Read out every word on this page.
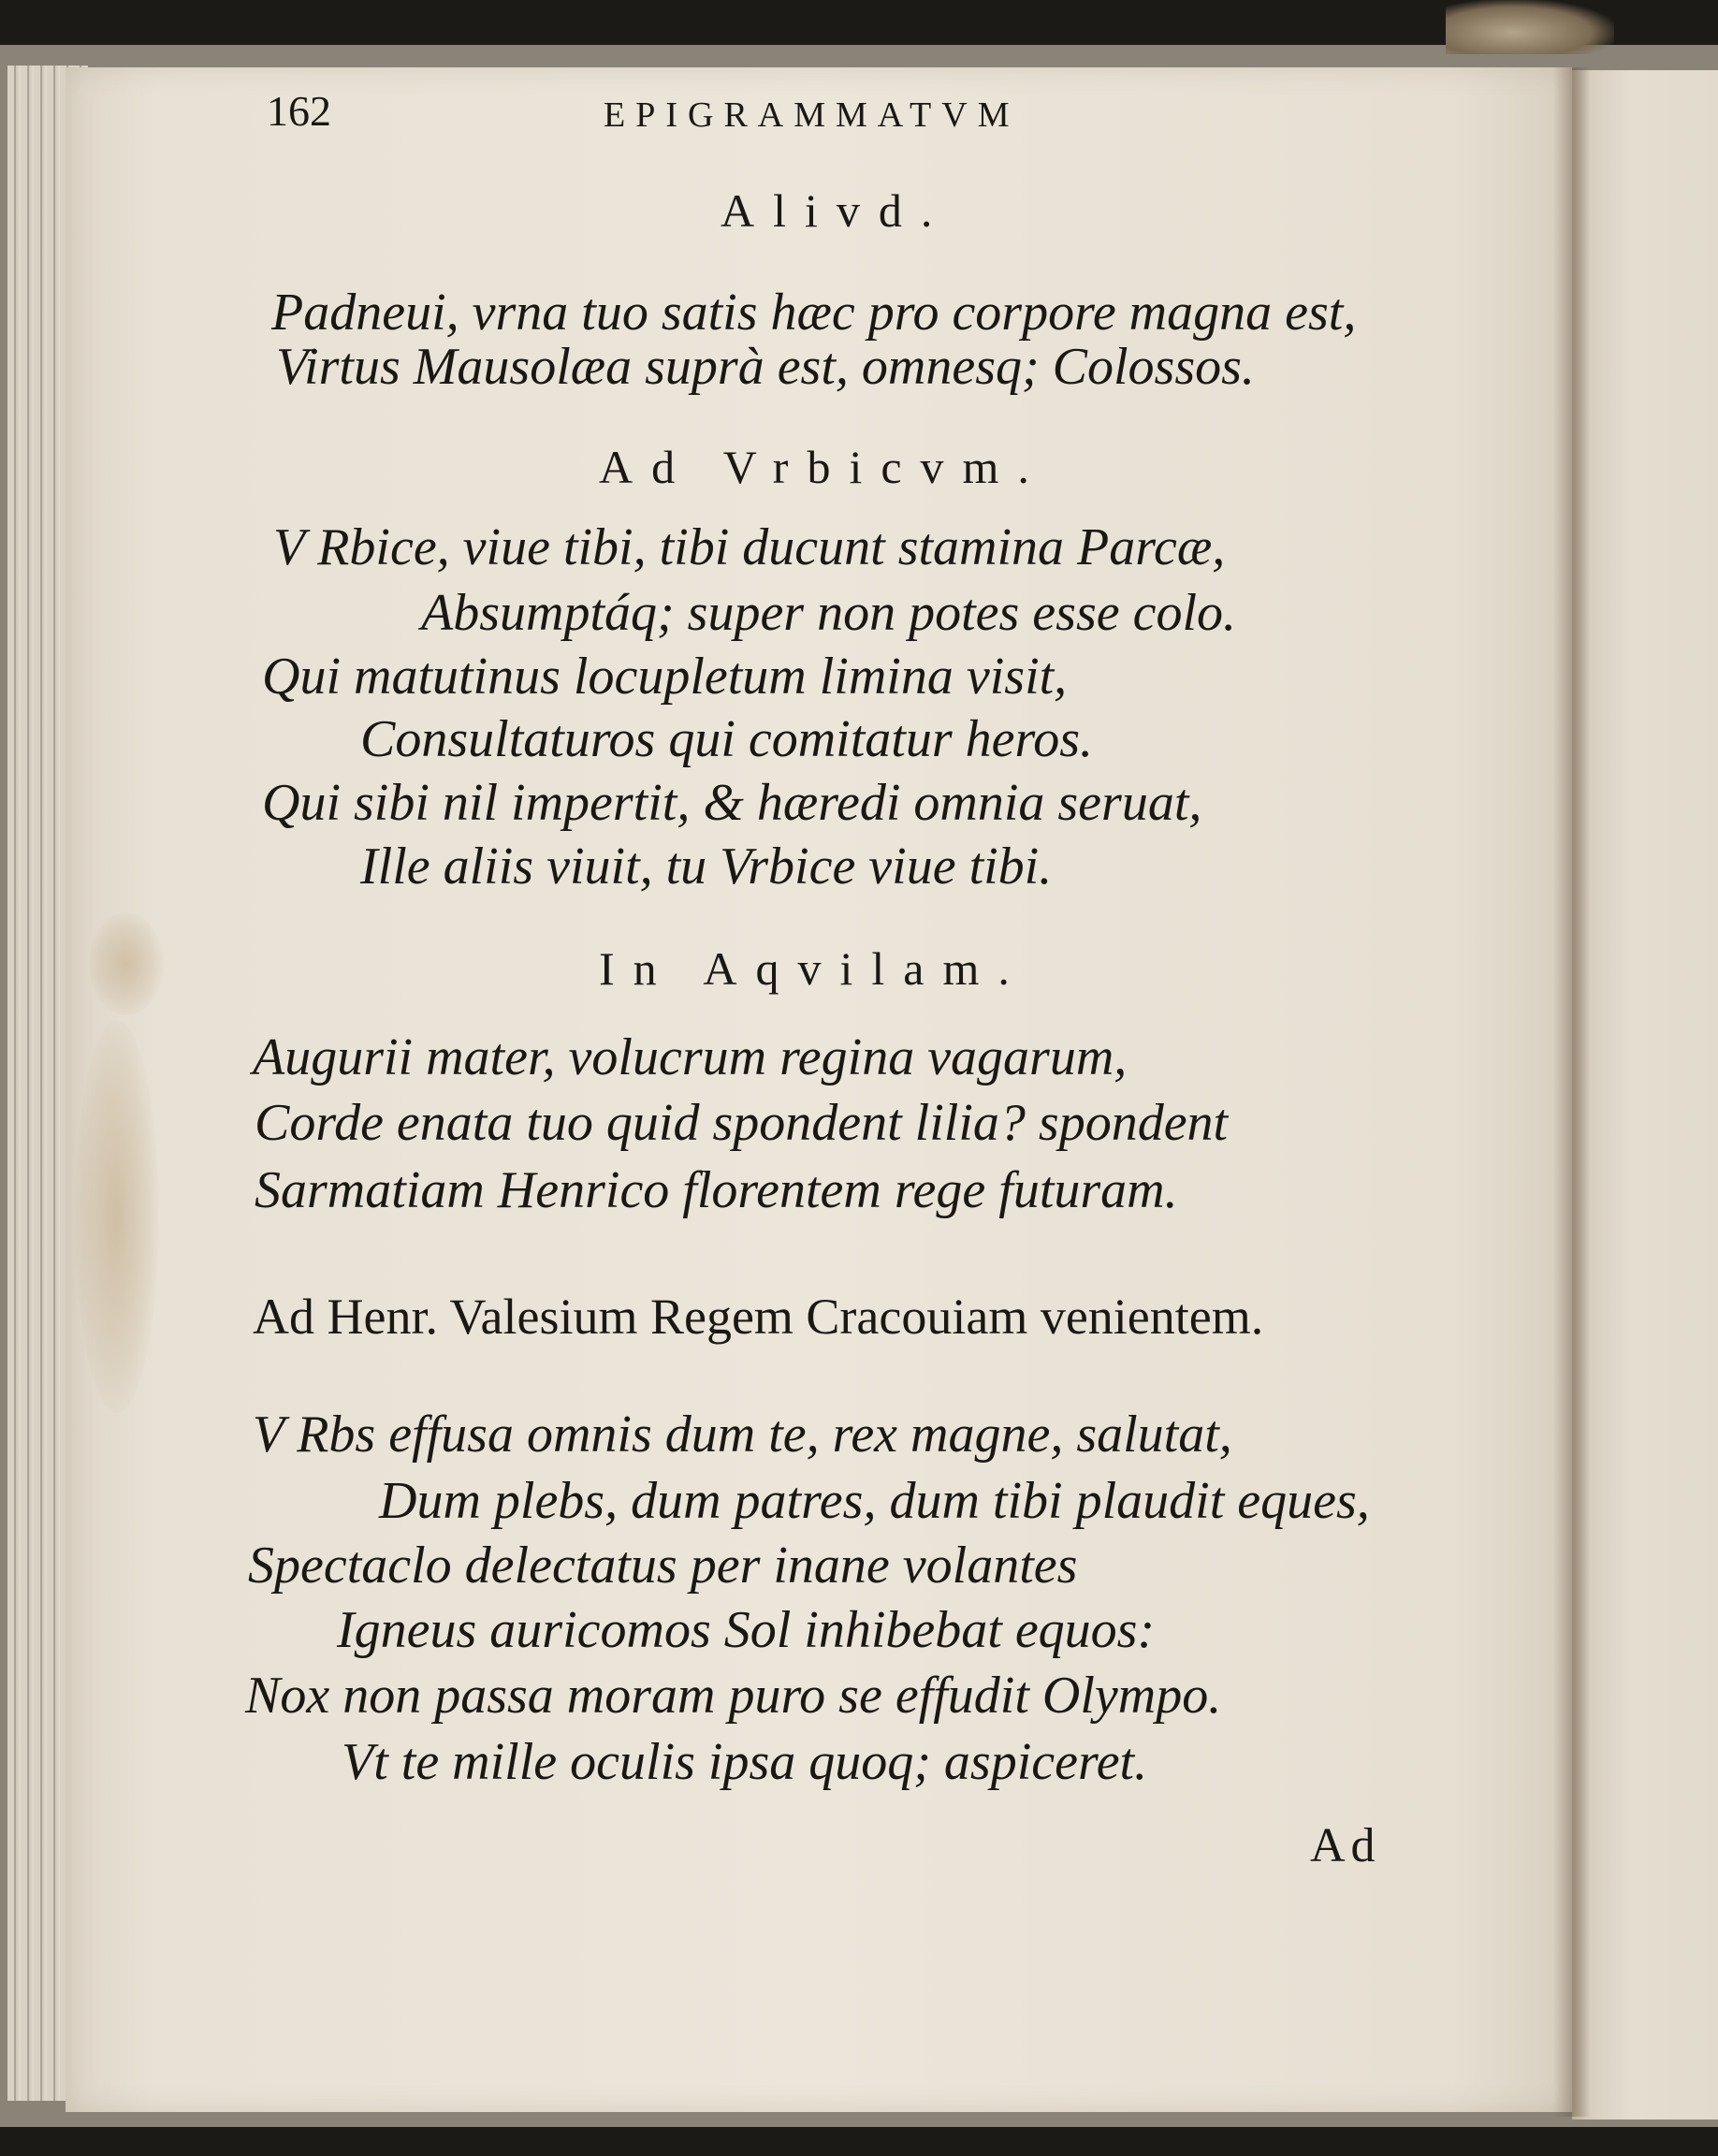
162	EPIGRAMMATVM
Alivd.
Padneui, vrna tuo satis hæc pro corpore magna est,
Virtus Mausolæa suprà est, omnesq; Colossos.
Ad Vrbicvm.
V Rbice, viue tibi, tibi ducunt stamina Parcæ,
Absumptáq; super non potes esse colo.
Qui matutinus locupletum limina visit,
Consultaturos qui comitatur heros.
Qui sibi nil impertit, & hæredi omnia seruat,
Ille aliis viuit, tu Vrbice viue tibi.
In Aqvilam.
Augurii mater, volucrum regina vagarum,
Corde enata tuo quid spondent lilia? spondent
Sarmatiam Henrico florentem rege futuram.
Ad Henr. Valesium Regem Cracouiam venientem.
V Rbs effusa omnis dum te, rex magne, salutat,
Dum plebs, dum patres, dum tibi plaudit eques,
Spectaclo delectatus per inane volantes
Igneus auricomos Sol inhibebat equos:
Nox non passa moram puro se effudit Olympo.
Vt te mille oculis ipsa quoq; aspiceret.
Ad
